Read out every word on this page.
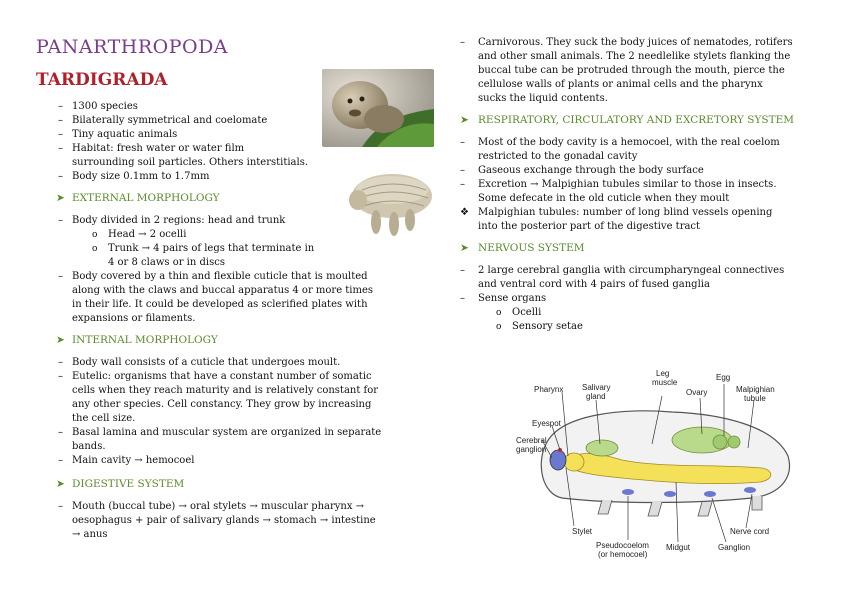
PANARTHROPODA
TARDIGRADA
– 1300 species
– Bilaterally symmetrical and coelomate
– Tiny aquatic animals
– Habitat: fresh water or water film
surrounding soil particles. Others interstitials.
– Body size 0.1mm to 1.7mm
➤ EXTERNAL MORPHOLOGY
– Body divided in 2 regions: head and trunk
o Head → 2 ocelli
o Trunk → 4 pairs of legs that terminate in
4 or 8 claws or in discs
– Body covered by a thin and flexible cuticle that is moulted
along with the claws and buccal apparatus 4 or more times
in their life. It could be developed as sclerified plates with
expansions or filaments.
➤ INTERNAL MORPHOLOGY
– Body wall consists of a cuticle that undergoes moult.
– Eutelic: organisms that have a constant number of somatic
cells when they reach maturity and is relatively constant for
any other species. Cell constancy. They grow by increasing
the cell size.
– Basal lamina and muscular system are organized in separate
bands.
– Main cavity → hemocoel
➤ DIGESTIVE SYSTEM
– Mouth (buccal tube) → oral stylets → muscular pharynx →
oesophagus + pair of salivary glands → stomach → intestine
→ anus
– Carnivorous. They suck the body juices of nematodes, rotifers
and other small animals. The 2 needlelike stylets flanking the
buccal tube can be protruded through the mouth, pierce the
cellulose walls of plants or animal cells and the pharynx
sucks the liquid contents.
➤ RESPIRATORY, CIRCULATORY AND EXCRETORY SYSTEM
– Most of the body cavity is a hemocoel, with the real coelom
restricted to the gonadal cavity
– Gaseous exchange through the body surface
– Excretion → Malpighian tubules similar to those in insects.
Some defecate in the old cuticle when they moult
❖ Malpighian tubules: number of long blind vessels opening
into the posterior part of the digestive tract
➤ NERVOUS SYSTEM
– 2 large cerebral ganglia with circumpharyngeal connectives
and ventral cord with 4 pairs of fused ganglia
– Sense organs
o Ocelli
o Sensory setae
Leg
muscle
Egg
Pharynx Salivary
gland	Ovary	Malpighian
tubule
Eyespot
Cerebral
ganglion
Nerve cord
Stylet
Pseudocoelom
(or hemocoel)
Midgut	Ganglion
